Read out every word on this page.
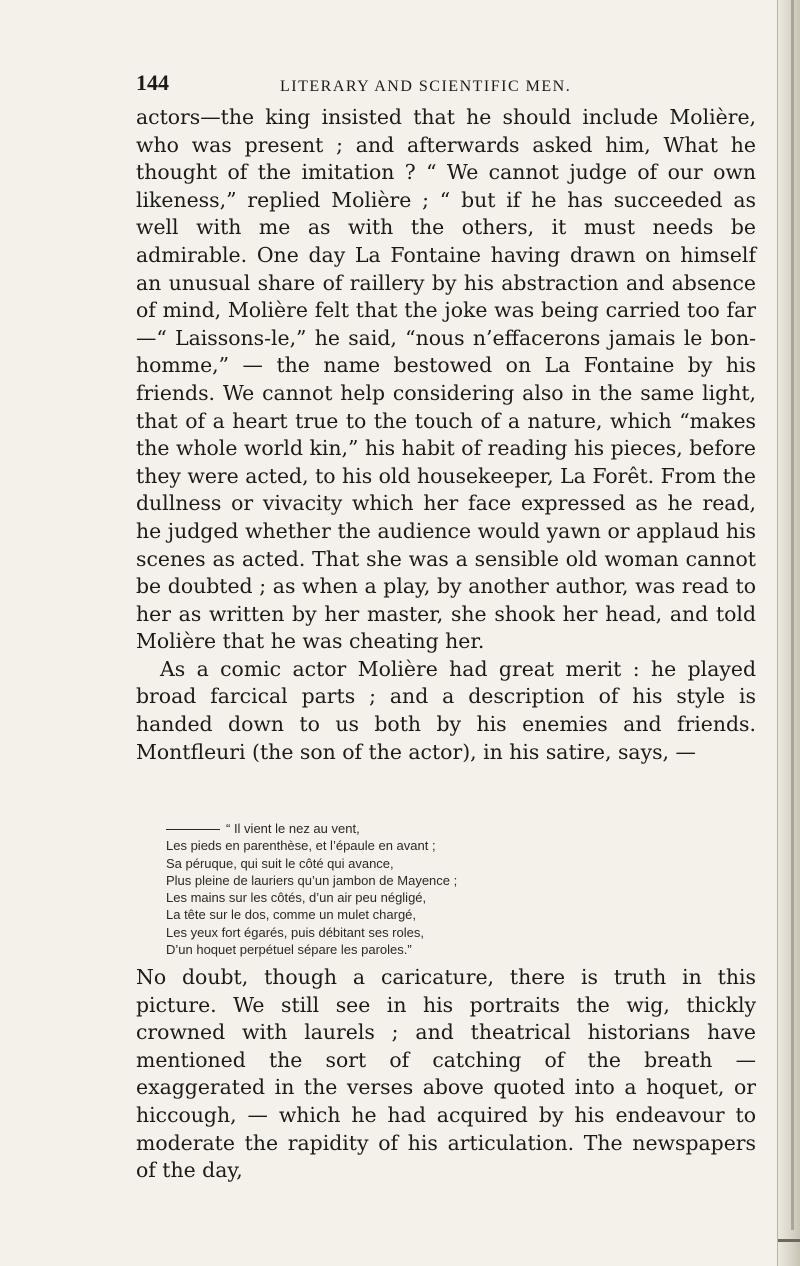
144	LITERARY AND SCIENTIFIC MEN.

actors—the king insisted that he should include Molière, who was present ; and afterwards asked him, What he thought of the imitation ? “ We cannot judge of our own likeness,” replied Molière ; “ but if he has succeeded as well with me as with the others, it must needs be admirable. One day La Fontaine having drawn on himself an unusual share of raillery by his abstraction and absence of mind, Molière felt that the joke was being carried too far—“ Laissons-le,” he said, “nous n’effacerons jamais le bon-homme,” — the name bestowed on La Fontaine by his friends. We cannot help considering also in the same light, that of a heart true to the touch of a nature, which “makes the whole world kin,” his habit of reading his pieces, before they were acted, to his old housekeeper, La Forêt. From the dullness or vivacity which her face expressed as he read, he judged whether the audience would yawn or applaud his scenes as acted. That she was a sensible old woman cannot be doubted ; as when a play, by another author, was read to her as written by her master, she shook her head, and told Molière that he was cheating her.

As a comic actor Molière had great merit : he played broad farcical parts ; and a description of his style is handed down to us both by his enemies and friends. Montfleuri (the son of the actor), in his satire, says, —

“ Il vient le nez au vent,
Les pieds en parenthèse, et l’épaule en avant ;
Sa péruque, qui suit le côté qui avance,
Plus pleine de lauriers qu’un jambon de Mayence ;
Les mains sur les côtés, d’un air peu négligé,
La tête sur le dos, comme un mulet chargé,
Les yeux fort égarés, puis débitant ses roles,
D’un hoquet perpétuel sépare les paroles.”

No doubt, though a caricature, there is truth in this picture. We still see in his portraits the wig, thickly crowned with laurels ; and theatrical historians have mentioned the sort of catching of the breath — exaggerated in the verses above quoted into a hoquet, or hiccough, — which he had acquired by his endeavour to moderate the rapidity of his articulation. The newspapers of the day,
